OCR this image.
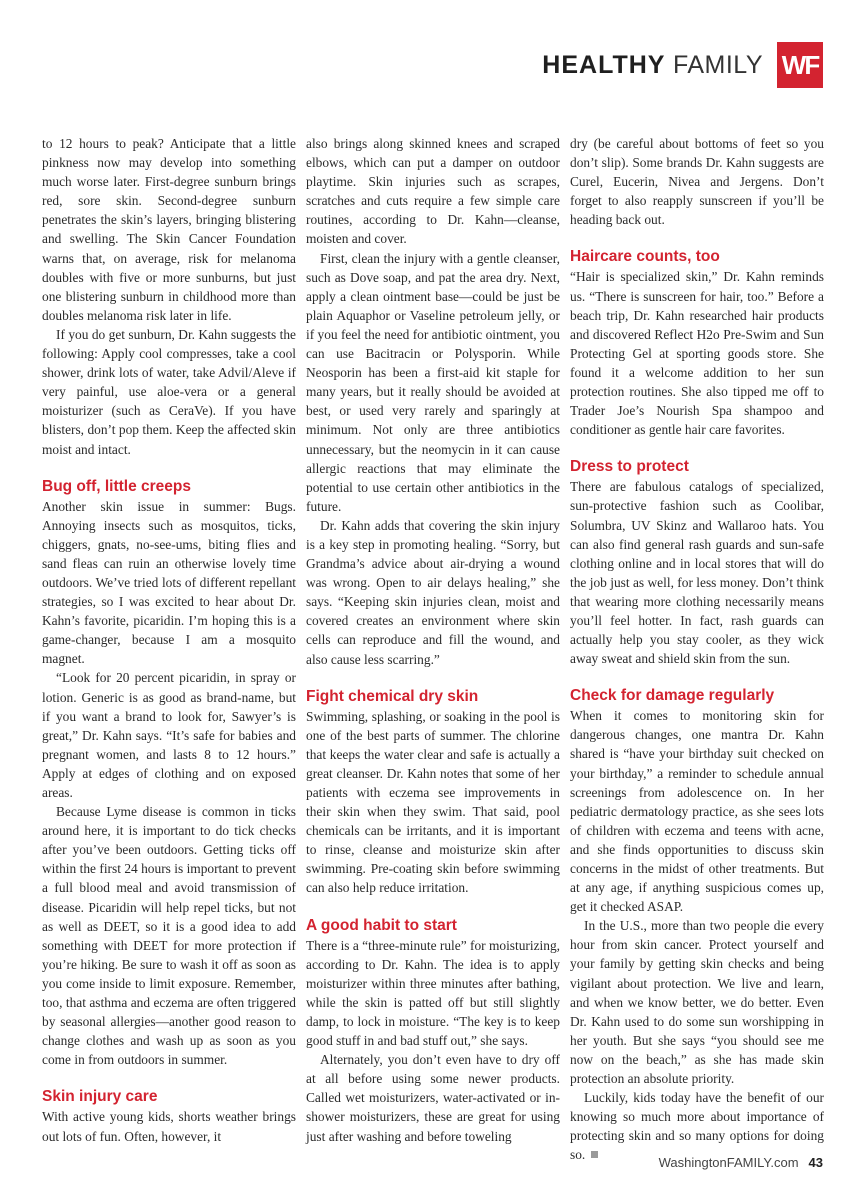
HEALTHY FAMILY WF

to 12 hours to peak? Anticipate that a little pinkness now may develop into something much worse later. First-degree sunburn brings red, sore skin. Second-degree sunburn penetrates the skin’s layers, bringing blistering and swelling. The Skin Cancer Foundation warns that, on average, risk for melanoma doubles with five or more sunburns, but just one blistering sunburn in childhood more than doubles melanoma risk later in life.

If you do get sunburn, Dr. Kahn suggests the following: Apply cool compresses, take a cool shower, drink lots of water, take Advil/Aleve if very painful, use aloe-vera or a general moisturizer (such as CeraVe). If you have blisters, don’t pop them. Keep the affected skin moist and intact.

Bug off, little creeps

Another skin issue in summer: Bugs. Annoying insects such as mosquitos, ticks, chiggers, gnats, no-see-ums, biting flies and sand fleas can ruin an otherwise lovely time outdoors. We’ve tried lots of different repellant strategies, so I was excited to hear about Dr. Kahn’s favorite, picaridin. I’m hoping this is a game-changer, because I am a mosquito magnet.

“Look for 20 percent picaridin, in spray or lotion. Generic is as good as brand-name, but if you want a brand to look for, Sawyer’s is great,” Dr. Kahn says. “It’s safe for babies and pregnant women, and lasts 8 to 12 hours.” Apply at edges of clothing and on exposed areas.

Because Lyme disease is common in ticks around here, it is important to do tick checks after you’ve been outdoors. Getting ticks off within the first 24 hours is important to prevent a full blood meal and avoid transmission of disease. Picaridin will help repel ticks, but not as well as DEET, so it is a good idea to add something with DEET for more protection if you’re hiking. Be sure to wash it off as soon as you come inside to limit exposure. Remember, too, that asthma and eczema are often triggered by seasonal allergies—another good reason to change clothes and wash up as soon as you come in from outdoors in summer.

Skin injury care

With active young kids, shorts weather brings out lots of fun. Often, however, it

also brings along skinned knees and scraped elbows, which can put a damper on outdoor playtime. Skin injuries such as scrapes, scratches and cuts require a few simple care routines, according to Dr. Kahn—cleanse, moisten and cover.

First, clean the injury with a gentle cleanser, such as Dove soap, and pat the area dry. Next, apply a clean ointment base—could be just be plain Aquaphor or Vaseline petroleum jelly, or if you feel the need for antibiotic ointment, you can use Bacitracin or Polysporin. While Neosporin has been a first-aid kit staple for many years, but it really should be avoided at best, or used very rarely and sparingly at minimum. Not only are three antibiotics unnecessary, but the neomycin in it can cause allergic reactions that may eliminate the potential to use certain other antibiotics in the future.

Dr. Kahn adds that covering the skin injury is a key step in promoting healing. “Sorry, but Grandma’s advice about air-drying a wound was wrong. Open to air delays healing,” she says. “Keeping skin injuries clean, moist and covered creates an environment where skin cells can reproduce and fill the wound, and also cause less scarring.”

Fight chemical dry skin

Swimming, splashing, or soaking in the pool is one of the best parts of summer. The chlorine that keeps the water clear and safe is actually a great cleanser. Dr. Kahn notes that some of her patients with eczema see improvements in their skin when they swim. That said, pool chemicals can be irritants, and it is important to rinse, cleanse and moisturize skin after swimming. Pre-coating skin before swimming can also help reduce irritation.

A good habit to start

There is a “three-minute rule” for moisturizing, according to Dr. Kahn. The idea is to apply moisturizer within three minutes after bathing, while the skin is patted off but still slightly damp, to lock in moisture. “The key is to keep good stuff in and bad stuff out,” she says.

Alternately, you don’t even have to dry off at all before using some newer products. Called wet moisturizers, water-activated or in-shower moisturizers, these are great for using just after washing and before toweling

dry (be careful about bottoms of feet so you don’t slip). Some brands Dr. Kahn suggests are Curel, Eucerin, Nivea and Jergens. Don’t forget to also reapply sunscreen if you’ll be heading back out.

Haircare counts, too

“Hair is specialized skin,” Dr. Kahn reminds us. “There is sunscreen for hair, too.” Before a beach trip, Dr. Kahn researched hair products and discovered Reflect H2o Pre-Swim and Sun Protecting Gel at sporting goods store. She found it a welcome addition to her sun protection routines. She also tipped me off to Trader Joe’s Nourish Spa shampoo and conditioner as gentle hair care favorites.

Dress to protect

There are fabulous catalogs of specialized, sun-protective fashion such as Coolibar, Solumbra, UV Skinz and Wallaroo hats. You can also find general rash guards and sun-safe clothing online and in local stores that will do the job just as well, for less money. Don’t think that wearing more clothing necessarily means you’ll feel hotter. In fact, rash guards can actually help you stay cooler, as they wick away sweat and shield skin from the sun.

Check for damage regularly

When it comes to monitoring skin for dangerous changes, one mantra Dr. Kahn shared is “have your birthday suit checked on your birthday,” a reminder to schedule annual screenings from adolescence on. In her pediatric dermatology practice, as she sees lots of children with eczema and teens with acne, and she finds opportunities to discuss skin concerns in the midst of other treatments. But at any age, if anything suspicious comes up, get it checked ASAP.

In the U.S., more than two people die every hour from skin cancer. Protect yourself and your family by getting skin checks and being vigilant about protection. We live and learn, and when we know better, we do better. Even Dr. Kahn used to do some sun worshipping in her youth. But she says “you should see me now on the beach,” as she has made skin protection an absolute priority.

Luckily, kids today have the benefit of our knowing so much more about importance of protecting skin and so many options for doing so.

WashingtonFAMILY.com 43
